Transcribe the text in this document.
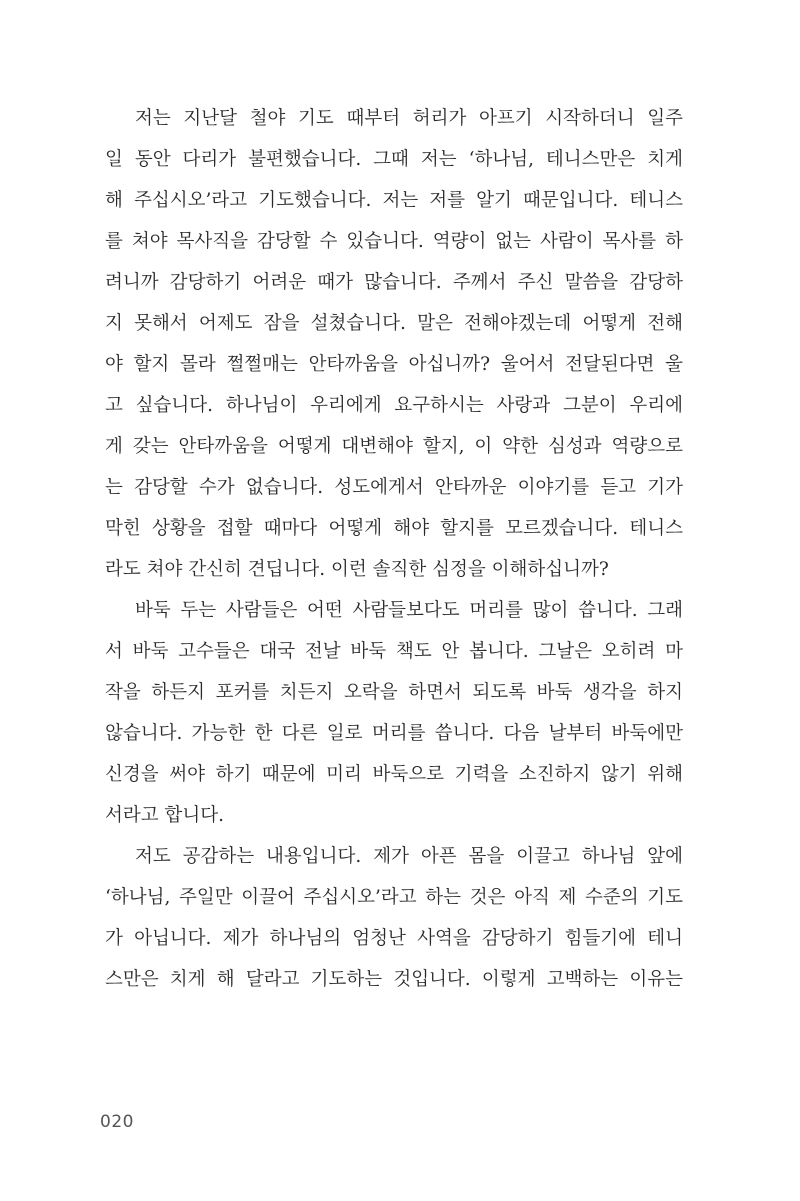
저는 지난달 철야 기도 때부터 허리가 아프기 시작하더니 일주
일 동안 다리가 불편했습니다. 그때 저는 ‘하나님, 테니스만은 치게
해 주십시오’라고 기도했습니다. 저는 저를 알기 때문입니다. 테니스
를 쳐야 목사직을 감당할 수 있습니다. 역량이 없는 사람이 목사를 하
려니까 감당하기 어려운 때가 많습니다. 주께서 주신 말씀을 감당하
지 못해서 어제도 잠을 설쳤습니다. 말은 전해야겠는데 어떻게 전해
야 할지 몰라 쩔쩔매는 안타까움을 아십니까? 울어서 전달된다면 울
고 싶습니다. 하나님이 우리에게 요구하시는 사랑과 그분이 우리에
게 갖는 안타까움을 어떻게 대변해야 할지, 이 약한 심성과 역량으로
는 감당할 수가 없습니다. 성도에게서 안타까운 이야기를 듣고 기가
막힌 상황을 접할 때마다 어떻게 해야 할지를 모르겠습니다. 테니스
라도 쳐야 간신히 견딥니다. 이런 솔직한 심정을 이해하십니까?
바둑 두는 사람들은 어떤 사람들보다도 머리를 많이 씁니다. 그래
서 바둑 고수들은 대국 전날 바둑 책도 안 봅니다. 그날은 오히려 마
작을 하든지 포커를 치든지 오락을 하면서 되도록 바둑 생각을 하지
않습니다. 가능한 한 다른 일로 머리를 씁니다. 다음 날부터 바둑에만
신경을 써야 하기 때문에 미리 바둑으로 기력을 소진하지 않기 위해
서라고 합니다.
저도 공감하는 내용입니다. 제가 아픈 몸을 이끌고 하나님 앞에
‘하나님, 주일만 이끌어 주십시오’라고 하는 것은 아직 제 수준의 기도
가 아닙니다. 제가 하나님의 엄청난 사역을 감당하기 힘들기에 테니
스만은 치게 해 달라고 기도하는 것입니다. 이렇게 고백하는 이유는
020
